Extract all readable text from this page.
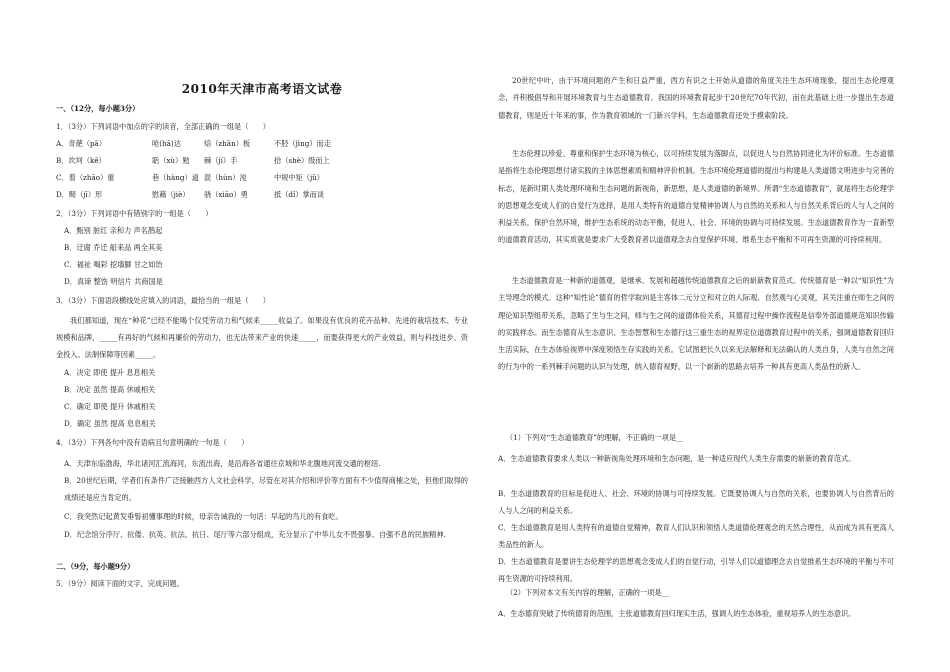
2010年天津市高考语文试卷
一、（12分，每小题3分）
1．（3分）下列词语中加点的字的读音，全部正确的一组是（　　）
A．奇葩（pā）	呛(hā)达	焙（zhān）板	不胫（jìng）而走
B．坎坷（kě）	聒（xù）勉 棘（jí）手	拾（shè）级而上
C．着（zhāo）重	巷（hàng）道 混（hùn）沌	中规中矩（jǔ）
D．畸（jī）形	慰藉（jiè） 骁（xiāo）勇	抵（dǐ）掌而谈
2．（3分）下列词语中有错别字的一组是（　　）
A．甄别 脏红 亲和力 声名鹊起
B．迂腐 乔迁 船来品 两全其美
C．福祉 喝彩 挖墙脚 甘之如饴
D．真谛 整饬 明信片 共商国是
3．（3分）下面语段横线处应填入的词语，最恰当的一组是（　　）
我们都知道，现在“种花”已经不能喝个仅凭劳动力和气候来_____收益了。如果没有优良的花卉品种、先进的栽培技术、专业规模和品牌，_____有再好的气候和再廉价的劳动力，也无法带来产业的快速_____，而要获得更大的产业效益，则与科技进步、资金投入、法制保障等因素_____。
A．决定 即使 提升 息息相关
B．决定 虽然 提高 休戚相关
C．确定 即使 提升 休戚相关
D．确定 虽然 提高 息息相关
4．（3分）下列各句中没有语病且句意明确的一句是（　　）
A．天津东临渤海，华北诸河汇流海河，东流出海，是沿海各省通往京城和华北腹地河流交通的枢纽.
B．20世纪后期，学者们有条件广泛接触西方人文社会科学，尽管在对其介绍和评价等方面有不少值得商榷之处，但他们取得的成绩还是应当肯定的。
C．我突然记起黄发垂髫初懂事理的时候，母亲告诫我的一句话：早起的鸟儿的有食吃。
D．纪念馆分序厅、抗倭、抗英、抗法、抗日、尾厅等六部分组成，充分显示了中华儿女不畏强暴、自强不息的民族精神.
二、（9分，每小题9分）
5．（9分）阅读下面的文字，完成问题。
20世纪中叶，由于环境问题的产生和日益严重，西方有识之士开始从道德的角度关注生态环境现象，提出生态伦理观念，并积极倡导和开展环境教育与生态道德教育。我国的环境教育起步于20世纪70年代初，而在此基础上进一步提出生态道德教育，则是近十年来的事，作为教育领域的一门新兴学科，生态道德教育还处于摸索阶段。
生态伦理以珍爱、尊重和保护生态环境为核心，以可持续发展为落脚点，以促进人与自然协同进化为评价标准。生态道德是指将生态伦理思想付诸实践的主体思想素质和精神评价机制。生态环境伦理道德的提出与构建是人类道德文明进步与完善的标志，是新时期人类处理环境和生态问题的新视角，新思想，是人类道德的新境界。所谓“生态道德教育”，就是将生态伦理学的思想观念变成人们的自觉行为选择，是用人类特有的道德自觉精神协调人与自然的关系和人与自然关系背后的人与人之间的利益关系，保护自然环境，维护生态系统的动态平衡，促进人、社会、环境的协调与可持续发展。生态道德教育作为一直新型的道德教育活动，其实质就是要求广大受教育者以道德观念去自觉保护环境、维系生态平衡和不可再生资源的可持续利用。
生态道德教育是一种新的道德观，是继承、发展和超越传统道德教育之后的崭新教育范式。传统德育是一种以“知识性”为主导理念的模式。这种“知性论”德育的哲学取向是主客体二元分立和对立的人际观、自然观与心灵观，其关注重在师生之间的理论知识型组带关系，忽略了生与生之间，师与生之间的道德体验关系，其德育过程中操作流程是信奉外部道德规范知识传输的实践样态。而生态德育从生态意识、生态智慧和生态德行这三重生态的视界定位道德教育过程中的关系，强调道德教育回归生活实际，在生态体验视界中深度领悟生存实践的关系。它试图把长久以来无法解释和无法确认的人类自身，人类与自然之间的行为中的一系列棘手问题的认识与处理，纳入德育视野，以一个崭新的思路去培养一种具有更高人类品性的新人。
（1）下列对“生态道德教育”的理解，不正确的一项是__
A．生态道德教育要求人类以一种新视角处理环境和生态问题，是一种适应现代人类生存需要的崭新的教育范式。
B．生态道德教育的目标是促进人、社会、环境的协调与可持续发展。它既要协调人与自然的关系，也要协调人与自然背后的人与人之间的利益关系。
C．生态道德教育是用人类特有的道德自觉精神，教育人们认识和领悟人类道德伦理观念的天然合理性，从而成为具有更高人类品性的新人。
D．生态道德教育是要讲生态伦理学的思想观念变成人们的自觉行动，引导人们以道德理念去自觉推系生态环境的平衡与不可再生资源的可持续利用。
（2）下列对本文有关内容的理解，正确的一项是__
A．生态德育突破了传统德育的范围，主张道德教育回归现实生活，强调人的生态体验，重视培养人的生态意识。
